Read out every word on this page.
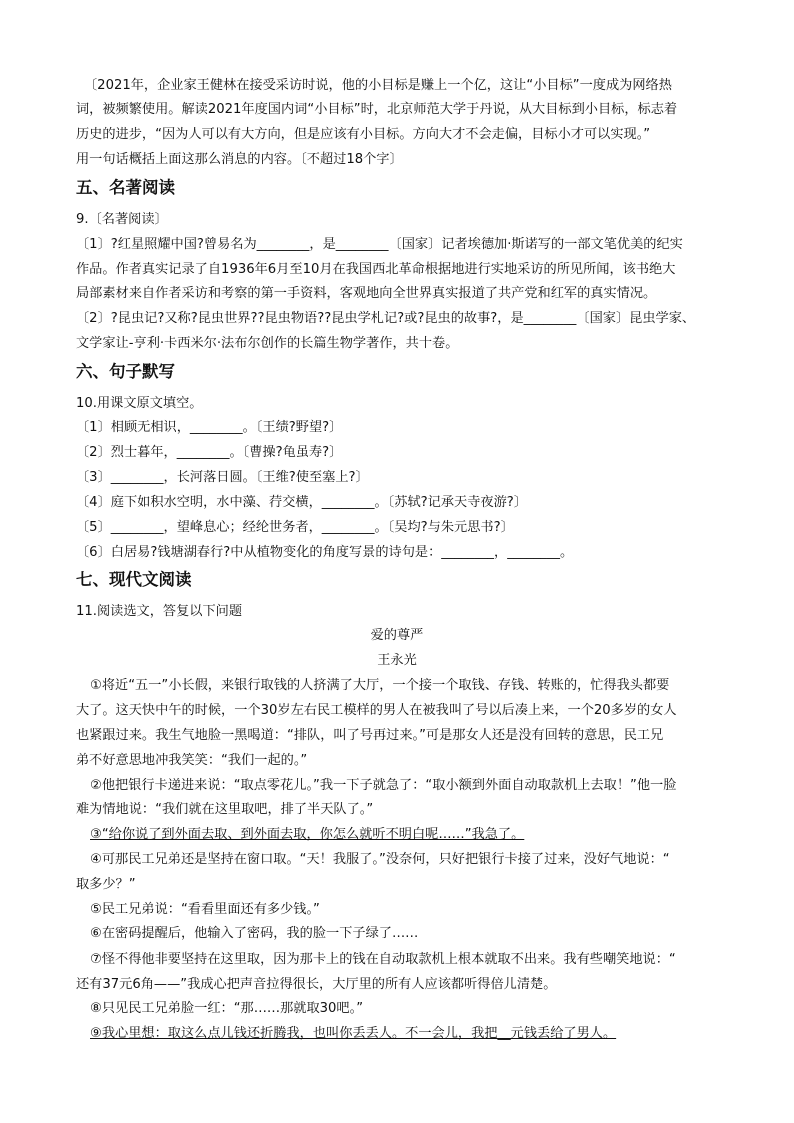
〔2021年，企业家王健林在接受采访时说，他的小目标是赚上一个亿，这让“小目标”一度成为网络热
词，被频繁使用。解读2021年度国内词“小目标”时，北京师范大学于丹说，从大目标到小目标，标志着
历史的进步，“因为人可以有大方向，但是应该有小目标。方向大才不会走偏，目标小才可以实现。”
用一句话概括上面这那么消息的内容。〔不超过18个字〕
五、名著阅读
9.〔名著阅读〕
〔1〕?红星照耀中国?曾易名为________，是________〔国家〕记者埃德加·斯诺写的一部文笔优美的纪实
作品。作者真实记录了自1936年6月至10月在我国西北革命根据地进行实地采访的所见所闻，该书绝大
局部素材来自作者采访和考察的第一手资料，客观地向全世界真实报道了共产党和红军的真实情况。
〔2〕?昆虫记?又称?昆虫世界??昆虫物语??昆虫学札记?或?昆虫的故事?，是________〔国家〕昆虫学家、
文学家让-亨利·卡西米尔·法布尔创作的长篇生物学著作，共十卷。
六、句子默写
10.用课文原文填空。
〔1〕相顾无相识，________。〔王绩?野望?〕
〔2〕烈士暮年，________。〔曹操?龟虽寿?〕
〔3〕________，长河落日圆。〔王维?使至塞上?〕
〔4〕庭下如积水空明，水中藻、荇交横，________。〔苏轼?记承天寺夜游?〕
〔5〕________，望峰息心；经纶世务者，________。〔吴均?与朱元思书?〕
〔6〕白居易?钱塘湖春行?中从植物变化的角度写景的诗句是：________，________。
七、现代文阅读
11.阅读选文，答复以下问题
爱的尊严
王永光
①将近“五一”小长假，来银行取钱的人挤满了大厅，一个接一个取钱、存钱、转账的，忙得我头都要
大了。这天快中午的时候，一个30岁左右民工模样的男人在被我叫了号以后凑上来，一个20多岁的女人
也紧跟过来。我生气地脸一黑喝道：“排队，叫了号再过来。”可是那女人还是没有回转的意思，民工兄
弟不好意思地冲我笑笑：“我们一起的。”
②他把银行卡递进来说：“取点零花儿。”我一下子就急了：“取小额到外面自动取款机上去取！”他一脸
难为情地说：“我们就在这里取吧，排了半天队了。”
③“给你说了到外面去取、到外面去取，你怎么就听不明白呢……”我急了。
④可那民工兄弟还是坚持在窗口取。“天！我服了。”没奈何，只好把银行卡接了过来，没好气地说：“
取多少？”
⑤民工兄弟说：“看看里面还有多少钱。”
⑥在密码提醒后，他输入了密码，我的脸一下子绿了……
⑦怪不得他非要坚持在这里取，因为那卡上的钱在自动取款机上根本就取不出来。我有些嘲笑地说：“
还有37元6角——”我成心把声音拉得很长，大厅里的所有人应该都听得倍儿清楚。
⑧只见民工兄弟脸一红：“那……那就取30吧。”
⑨我心里想：取这么点儿钱还折腾我，也叫你丢丢人。不一会儿，我把__元钱丢给了男人。
